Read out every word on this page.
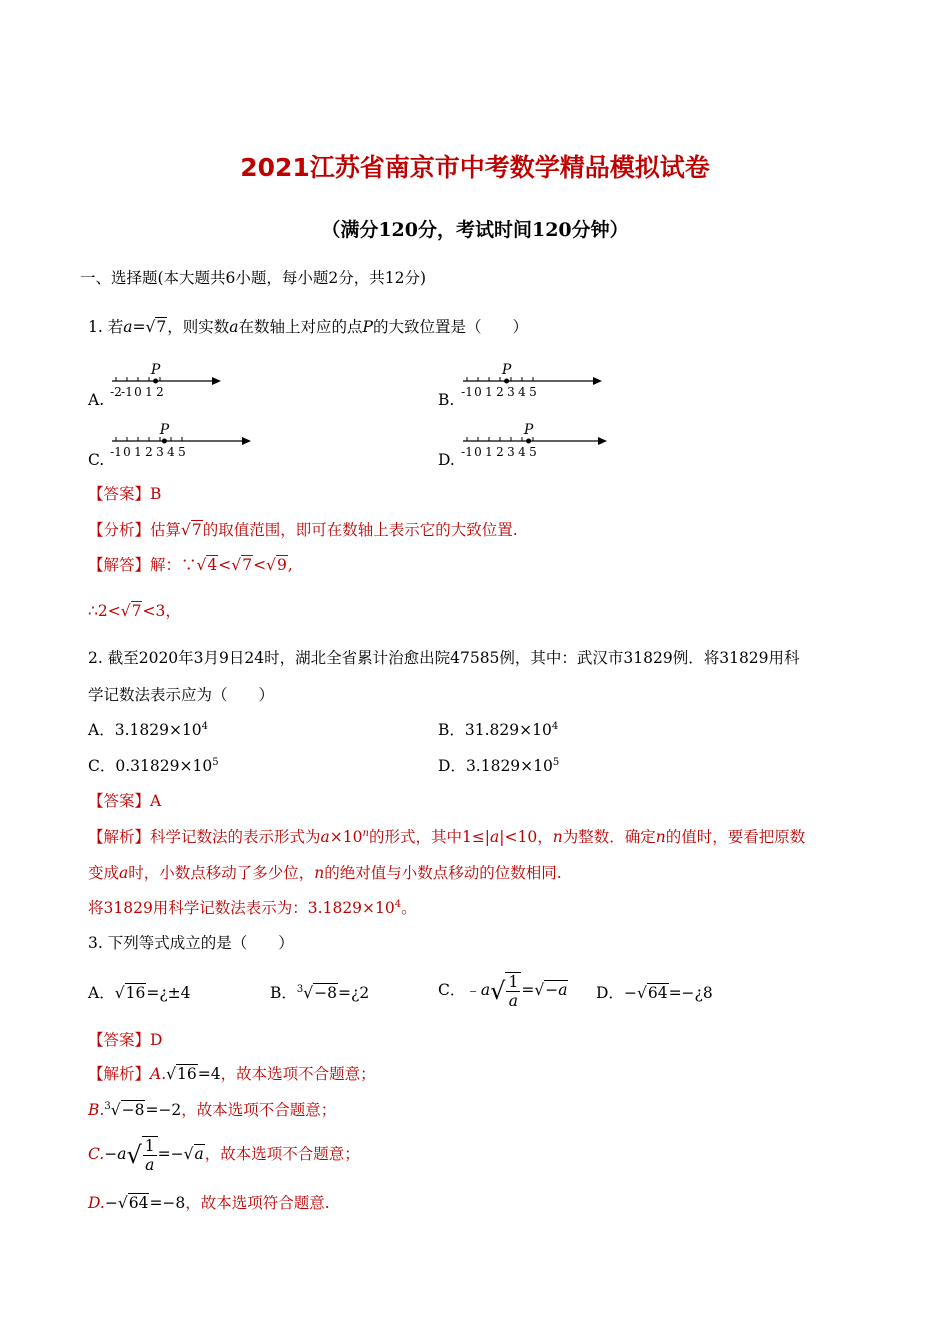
2021江苏省南京市中考数学精品模拟试卷
（满分120分，考试时间120分钟）
一、选择题(本大题共6小题，每小题2分，共12分)
1. 若a=√7，则实数a在数轴上对应的点P的大致位置是（　　）
A. -2 -1 0 1 2
P
B. -1 0 1 2 3 4 5
P
C. -1 0 1 2 3 4 5
P
D. -1 0 1 2 3 4 5
P
【答案】B
【分析】估算√7的取值范围，即可在数轴上表示它的大致位置.
【解答】解：∵√4<√7<√9,
∴2<√7<3，
2. 截至2020年3月9日24时，湖北全省累计治愈出院47585例，其中：武汉市31829例．将31829用科
学记数法表示应为（　　）
A．$3.1829\times 10^4$	B．$31.829\times 10^4$
C．$0.31829\times 10^5$	D．$3.1829\times 10^5$
【答案】A
【解析】科学记数法的表示形式为$a\times 10^n$的形式，其中1≤|a|<10，n为整数．确定n的值时，要看把原数
变成a时，小数点移动了多少位，n的绝对值与小数点移动的位数相同.
将31829用科学记数法表示为：$3.1829\times 10^4$。
3. 下列等式成立的是（　　）
A．√16=¿±4	B．$^3$√−8=¿2	C．﹣a√ $\frac{1}{a} =√-a$ D．−√64=−¿8
【答案】D
【解析】A.√16=4，故本选项不合题意；
B.$^3$√−8=−2，故本选项不合题意；
$C.-a√ \frac{1}{a} =-√a$，故本选项不合题意；
D.−√64=−8，故本选项符合题意.
